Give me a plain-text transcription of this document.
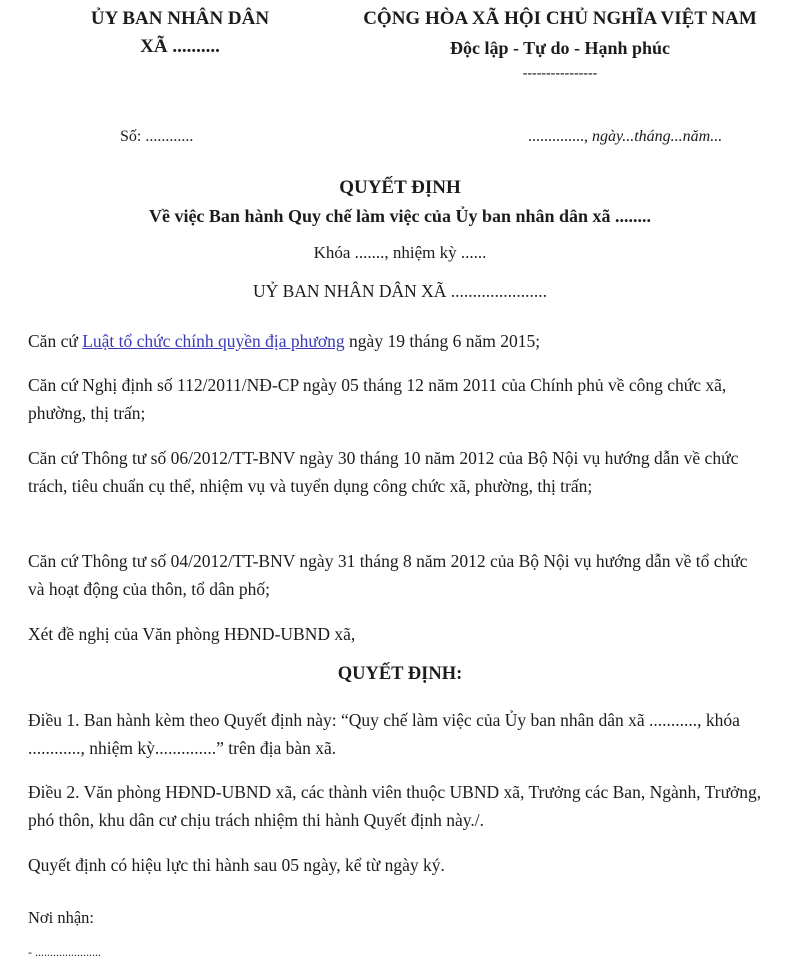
ỦY BAN NHÂN DÂN
XÃ ..........
CỘNG HÒA XÃ HỘI CHỦ NGHĨA VIỆT NAM
Độc lập - Tự do - Hạnh phúc
----------------
Số: ............	.............., ngày...tháng...năm...
QUYẾT ĐỊNH
Về việc Ban hành Quy chế làm việc của Ủy ban nhân dân xã ........
Khóa ......., nhiệm kỳ ......
UỶ BAN NHÂN DÂN XÃ ......................
Căn cứ Luật tổ chức chính quyền địa phương ngày 19 tháng 6 năm 2015;
Căn cứ Nghị định số 112/2011/NĐ-CP ngày 05 tháng 12 năm 2011 của Chính phủ về công chức xã, phường, thị trấn;
Căn cứ Thông tư số 06/2012/TT-BNV ngày 30 tháng 10 năm 2012 của Bộ Nội vụ hướng dẫn về chức trách, tiêu chuẩn cụ thể, nhiệm vụ và tuyển dụng công chức xã, phường, thị trấn;
Căn cứ Thông tư số 04/2012/TT-BNV ngày 31 tháng 8 năm 2012 của Bộ Nội vụ hướng dẫn về tổ chức và hoạt động của thôn, tổ dân phố;
Xét đề nghị của Văn phòng HĐND-UBND xã,
QUYẾT ĐỊNH:
Điều 1. Ban hành kèm theo Quyết định này: “Quy chế làm việc của Ủy ban nhân dân xã ..........., khóa ............, nhiệm kỳ..............” trên địa bàn xã.
Điều 2. Văn phòng HĐND-UBND xã, các thành viên thuộc UBND xã, Trưởng các Ban, Ngành, Trưởng, phó thôn, khu dân cư chịu trách nhiệm thi hành Quyết định này./.
Quyết định có hiệu lực thi hành sau 05 ngày, kể từ ngày ký.
Nơi nhận:
- ......................
